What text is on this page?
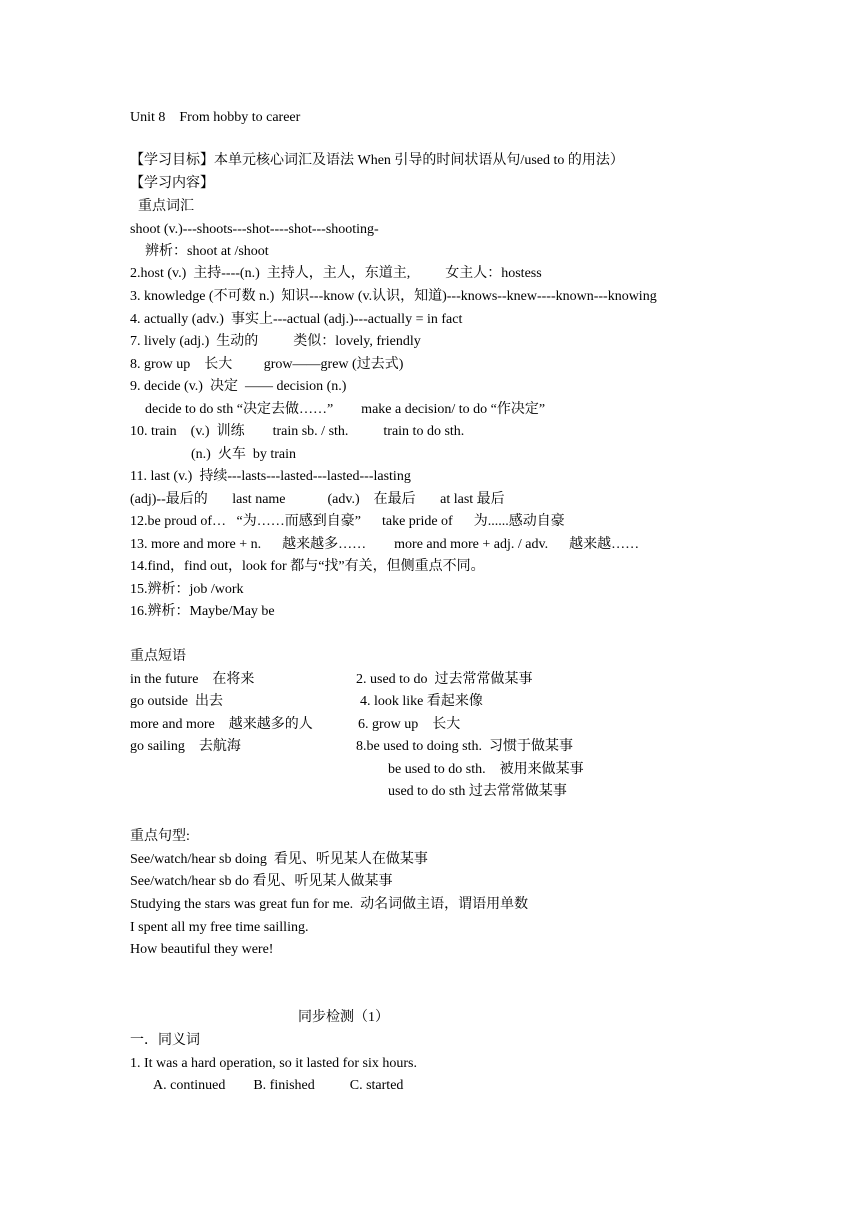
Unit 8    From hobby to career

【学习目标】本单元核心词汇及语法 When 引导的时间状语从句/used to 的用法）

【学习内容】

重点词汇

shoot (v.)---shoots---shot----shot---shooting-

辨析：shoot at /shoot

2.host (v.)  主持----(n.)  主持人，主人，东道主,          女主人：hostess

3. knowledge (不可数 n.)  知识---know (v.认识，知道)---knows--knew----known---knowing

4. actually (adv.)  事实上---actual (adj.)---actually = in fact

7. lively (adj.)  生动的          类似：lovely, friendly

8. grow up    长大         grow——grew (过去式)

9. decide (v.)  决定  —— decision (n.)

decide to do sth “决定去做……”        make a decision/ to do “作决定”

10. train    (v.)  训练        train sb. / sth.          train to do sth.

(n.)  火车  by train

11. last (v.)  持续---lasts---lasted---lasted---lasting

(adj)--最后的       last name            (adv.)    在最后       at last 最后

12.be proud of…   “为……而感到自豪”      take pride of      为......感动自豪

13. more and more + n.      越来越多……        more and more + adj. / adv.      越来越……

14.find，find out，look for 都与“找”有关，但侧重点不同。

15.辨析：job /work

16.辨析：Maybe/May be

重点短语

in the future    在将来	2. used to do  过去常常做某事

go outside  出去	4. look like 看起来像

more and more    越来越多的人	6. grow up    长大

go sailing    去航海	8.be used to doing sth.  习惯于做某事

be used to do sth.    被用来做某事

used to do sth 过去常常做某事

重点句型:

See/watch/hear sb doing  看见、听见某人在做某事

See/watch/hear sb do 看见、听见某人做某事

Studying the stars was great fun for me.  动名词做主语，谓语用单数

I spent all my free time sailling.

How beautiful they were!

同步检测（1）

一．同义词

1. It was a hard operation, so it lasted for six hours.

A. continued        B. finished          C. started
